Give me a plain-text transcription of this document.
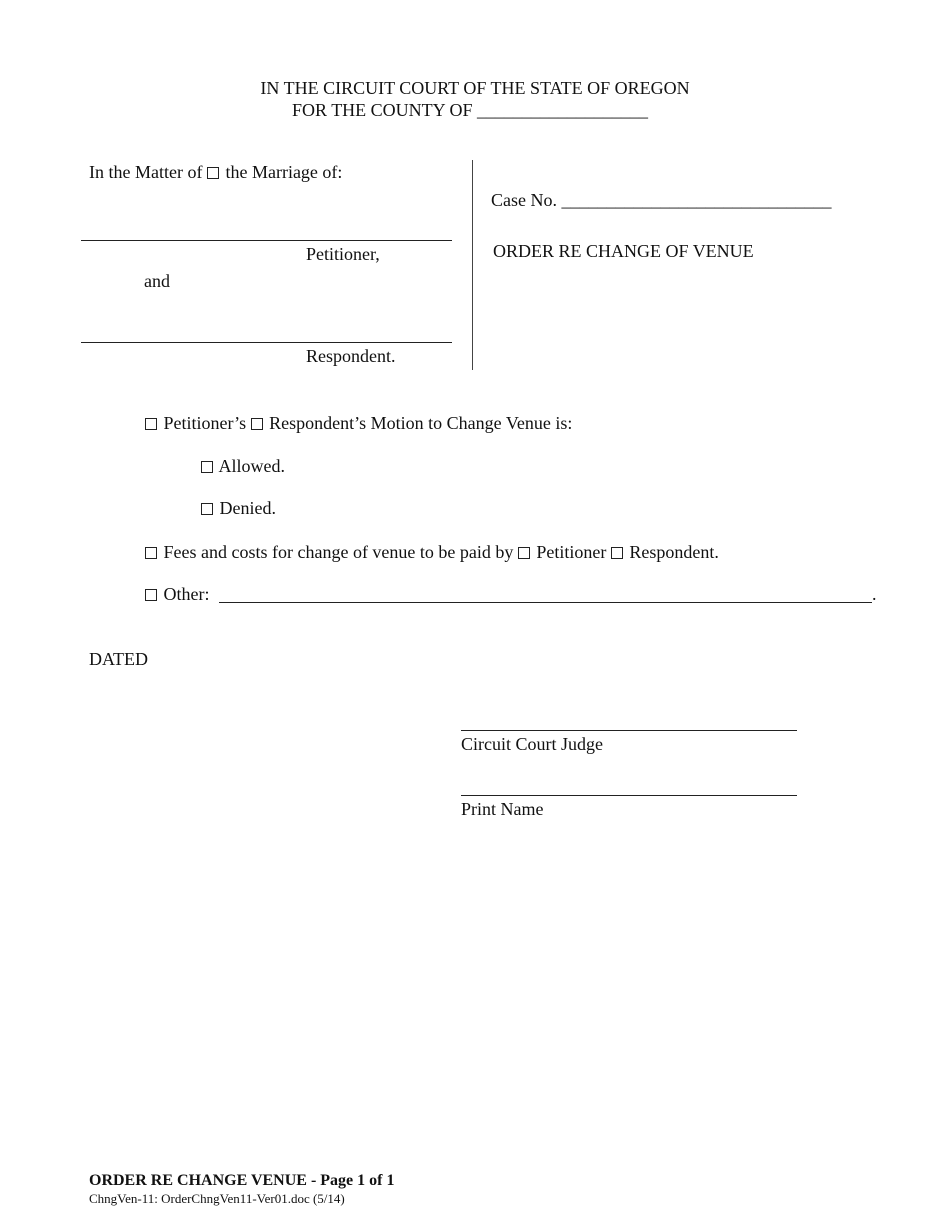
IN THE CIRCUIT COURT OF THE STATE OF OREGON
FOR THE COUNTY OF ___________________
In the Matter of  the Marriage of:
Petitioner,
and
Respondent.
Case No. ______________________________
ORDER RE CHANGE OF VENUE
Petitioner’s  Respondent’s Motion to Change Venue is:
Allowed.
Denied.
Fees and costs for change of venue to be paid by  Petitioner  Respondent.
Other:	.
DATED
Circuit Court Judge
Print Name
ORDER RE CHANGE VENUE - Page 1 of 1
ChngVen-11: OrderChngVen11-Ver01.doc (5/14)
